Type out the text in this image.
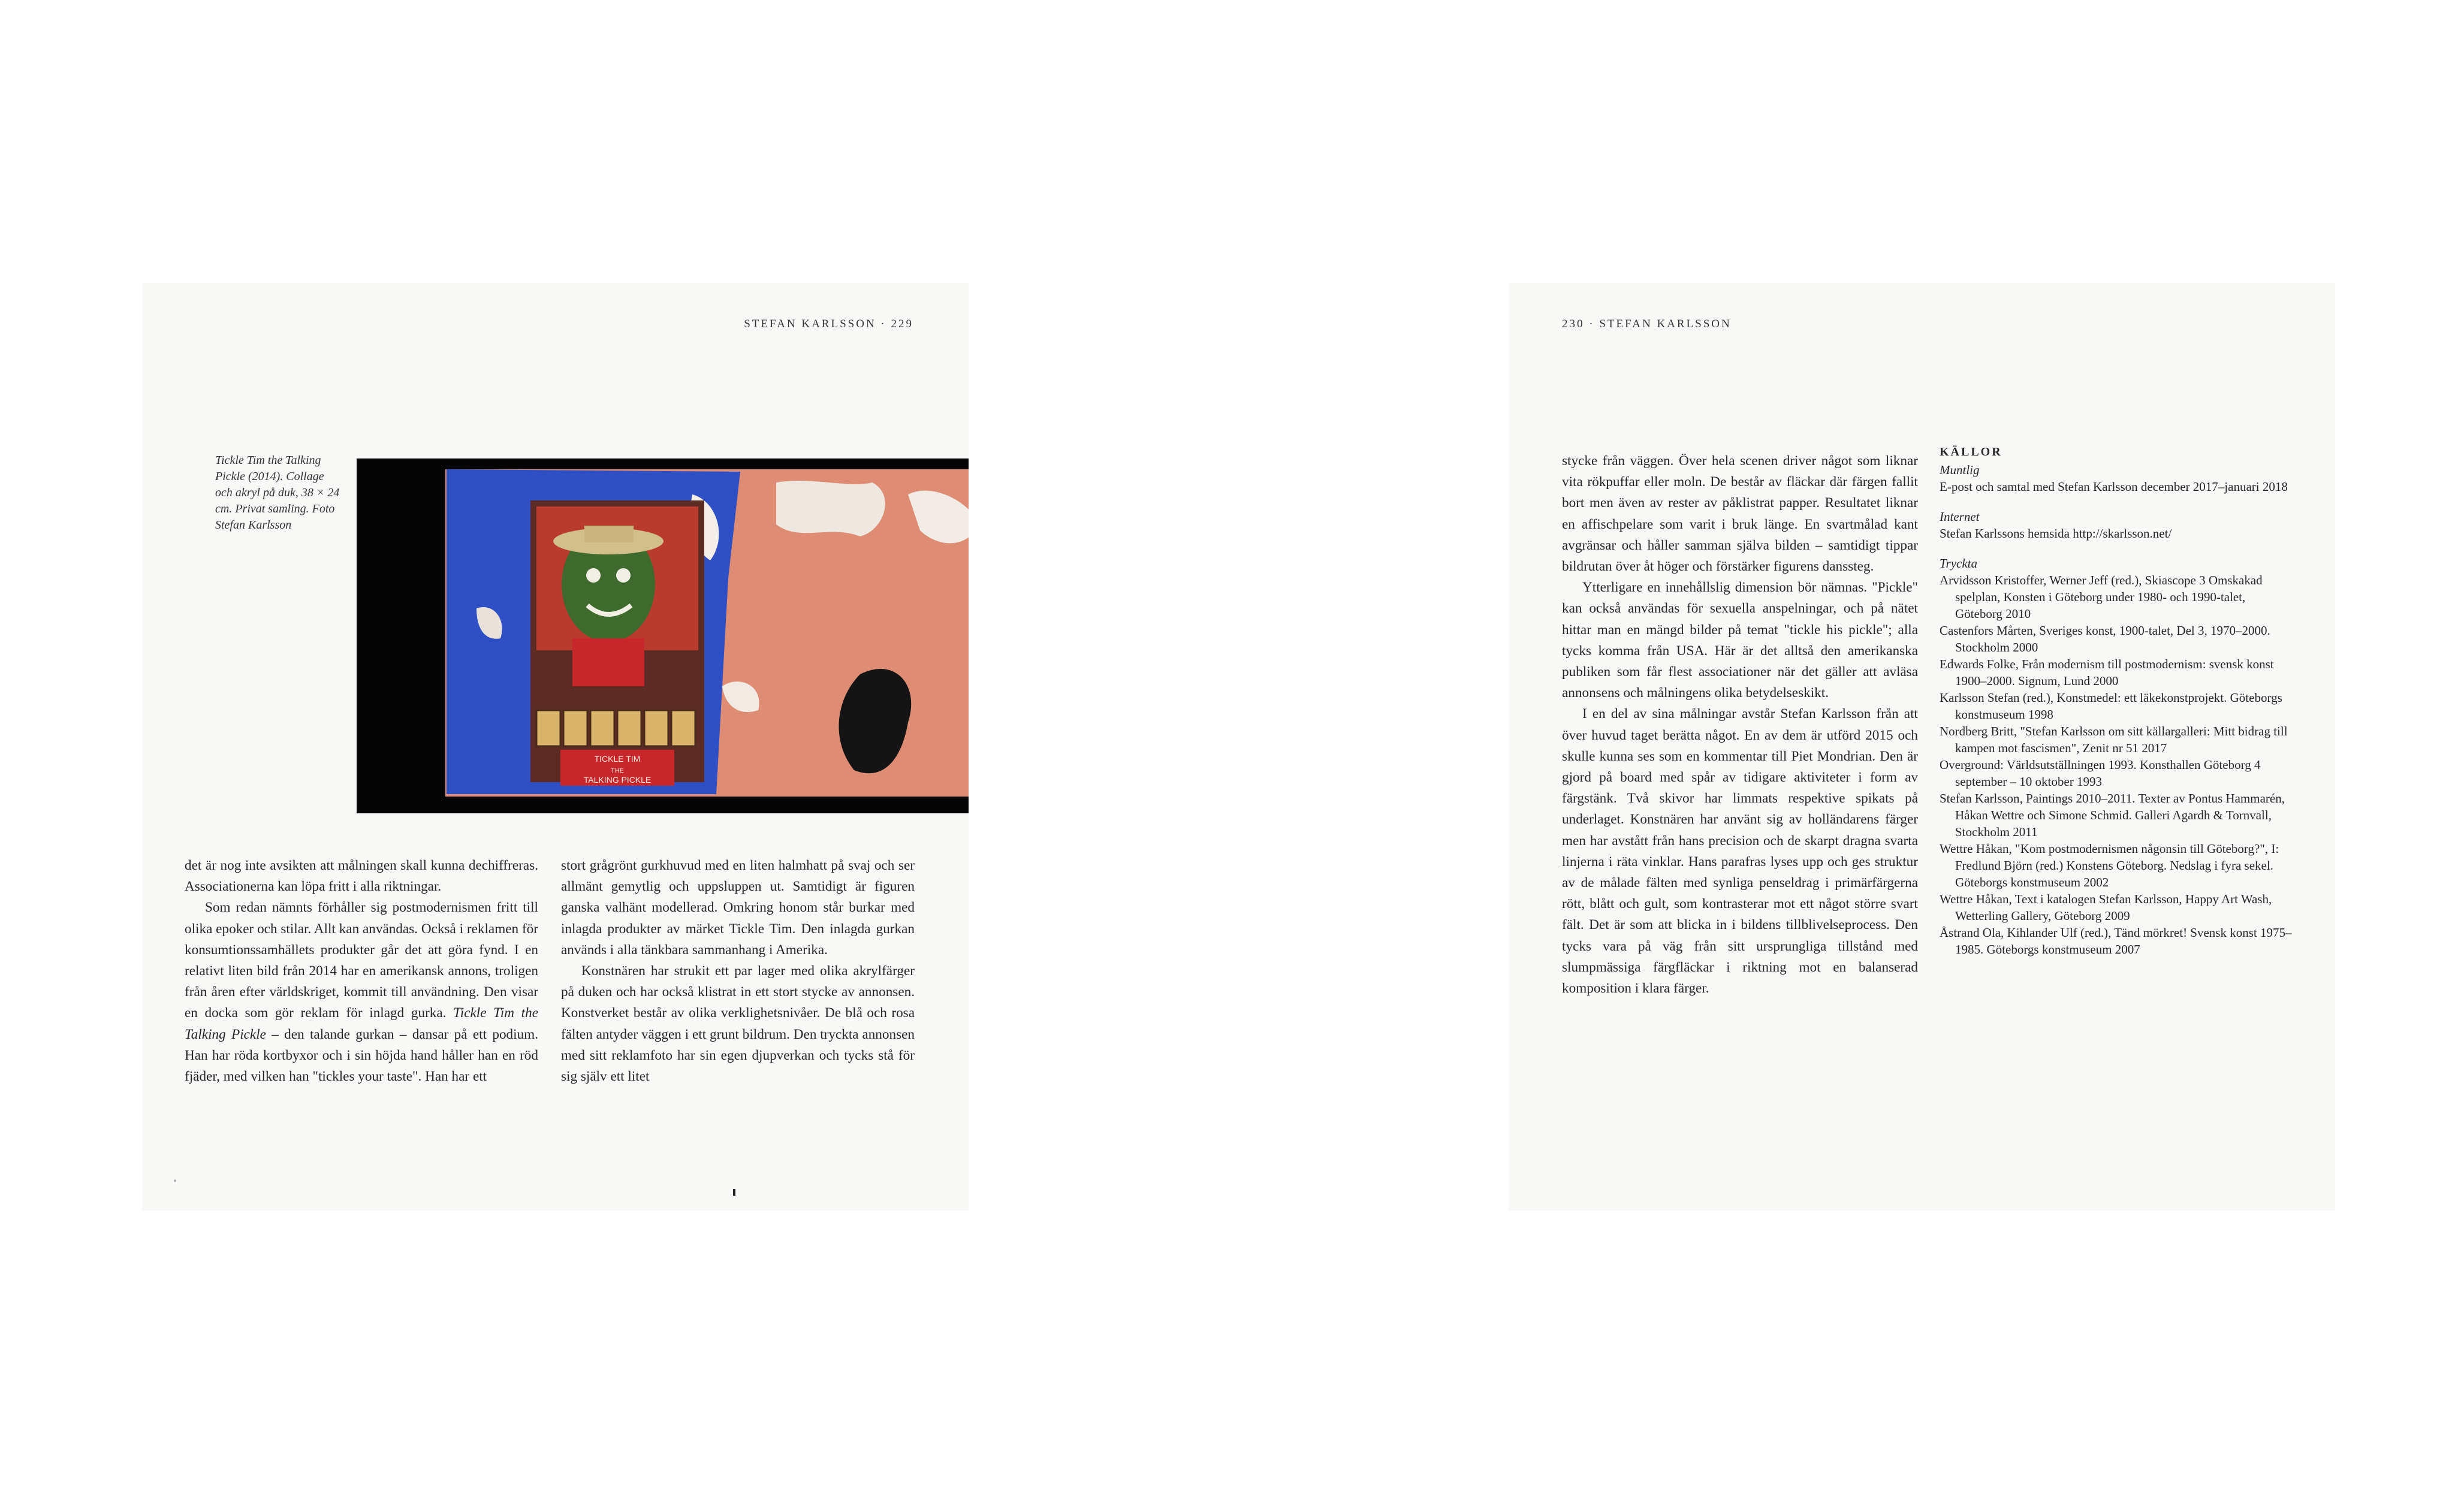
STEFAN KARLSSON · 229
Tickle Tim the Talking Pickle (2014). Collage och akryl på duk, 38 × 24 cm. Privat samling. Foto Stefan Karlsson
TICKLE TIM
THE
TALKING PICKLE

det är nog inte avsikten att målningen skall kunna dechiffreras. Associationerna kan löpa fritt i alla riktningar.

Som redan nämnts förhåller sig postmodernismen fritt till olika epoker och stilar. Allt kan användas. Också i reklamen för konsumtionssamhällets produkter går det att göra fynd. I en relativt liten bild från 2014 har en amerikansk annons, troligen från åren efter världskriget, kommit till användning. Den visar en docka som gör reklam för inlagd gurka. Tickle Tim the Talking Pickle – den talande gurkan – dansar på ett podium. Han har röda kortbyxor och i sin höjda hand håller han en röd fjäder, med vilken han "tickles your taste". Han har ett

stort grågrönt gurkhuvud med en liten halmhatt på svaj och ser allmänt gemytlig och uppsluppen ut. Samtidigt är figuren ganska valhänt modellerad. Omkring honom står burkar med inlagda produkter av märket Tickle Tim. Den inlagda gurkan används i alla tänkbara sammanhang i Amerika.

Konstnären har strukit ett par lager med olika akrylfärger på duken och har också klistrat in ett stort stycke av annonsen. Konstverket består av olika verklighetsnivåer. De blå och rosa fälten antyder väggen i ett grunt bildrum. Den tryckta annonsen med sitt reklamfoto har sin egen djupverkan och tycks stå för sig själv ett litet

230 · STEFAN KARLSSON

stycke från väggen. Över hela scenen driver något som liknar vita rökpuffar eller moln. De består av fläckar där färgen fallit bort men även av rester av påklistrat papper. Resultatet liknar en affischpelare som varit i bruk länge. En svartmålad kant avgränsar och håller samman själva bilden – samtidigt tippar bildrutan över åt höger och förstärker figurens danssteg.

Ytterligare en innehållslig dimension bör nämnas. "Pickle" kan också användas för sexuella anspelningar, och på nätet hittar man en mängd bilder på temat "tickle his pickle"; alla tycks komma från USA. Här är det alltså den amerikanska publiken som får flest associationer när det gäller att avläsa annonsens och målningens olika betydelseskikt.

I en del av sina målningar avstår Stefan Karlsson från att över huvud taget berätta något. En av dem är utförd 2015 och skulle kunna ses som en kommentar till Piet Mondrian. Den är gjord på board med spår av tidigare aktiviteter i form av färgstänk. Två skivor har limmats respektive spikats på underlaget. Konstnären har använt sig av holländarens färger men har avstått från hans precision och de skarpt dragna svarta linjerna i räta vinklar. Hans parafras lyses upp och ges struktur av de målade fälten med synliga penseldrag i primärfärgerna rött, blått och gult, som kontrasterar mot ett något större svart fält. Det är som att blicka in i bildens tillblivelseprocess. Den tycks vara på väg från sitt ursprungliga tillstånd med slumpmässiga färgfläckar i riktning mot en balanserad komposition i klara färger.

KÄLLOR
Muntlig
E-post och samtal med Stefan Karlsson december 2017–januari 2018
Internet
Stefan Karlssons hemsida http://skarlsson.net/
Tryckta
Arvidsson Kristoffer, Werner Jeff (red.), Skiascope 3 Omskakad spelplan, Konsten i Göteborg under 1980- och 1990-talet, Göteborg 2010
Castenfors Mårten, Sveriges konst, 1900-talet, Del 3, 1970–2000. Stockholm 2000
Edwards Folke, Från modernism till postmodernism: svensk konst 1900–2000. Signum, Lund 2000
Karlsson Stefan (red.), Konstmedel: ett läkekonstprojekt. Göteborgs konstmuseum 1998
Nordberg Britt, "Stefan Karlsson om sitt källargalleri: Mitt bidrag till kampen mot fascismen", Zenit nr 51 2017
Overground: Världsutställningen 1993. Konsthallen Göteborg 4 september – 10 oktober 1993
Stefan Karlsson, Paintings 2010–2011. Texter av Pontus Hammarén, Håkan Wettre och Simone Schmid. Galleri Agardh & Tornvall, Stockholm 2011
Wettre Håkan, "Kom postmodernismen någonsin till Göteborg?", I: Fredlund Björn (red.) Konstens Göteborg. Nedslag i fyra sekel. Göteborgs konstmuseum 2002
Wettre Håkan, Text i katalogen Stefan Karlsson, Happy Art Wash, Wetterling Gallery, Göteborg 2009
Åstrand Ola, Kihlander Ulf (red.), Tänd mörkret! Svensk konst 1975–1985. Göteborgs konstmuseum 2007
